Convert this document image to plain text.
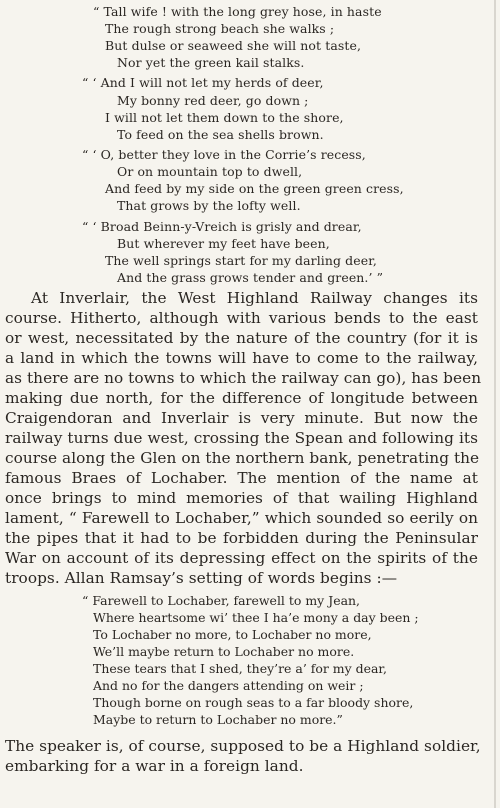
“ Tall wife ! with the long grey hose, in haste
The rough strong beach she walks ;
But dulse or seaweed she will not taste,
Nor yet the green kail stalks.
“ ‘ And I will not let my herds of deer,
My bonny red deer, go down ;
I will not let them down to the shore,
To feed on the sea shells brown.
“ ‘ O, better they love in the Corrie’s recess,
Or on mountain top to dwell,
And feed by my side on the green green cress,
That grows by the lofty well.
“ ‘ Broad Beinn-y-Vreich is grisly and drear,
But wherever my feet have been,
The well springs start for my darling deer,
And the grass grows tender and green.’ ”
At Inverlair, the West Highland Railway changes its
course. Hitherto, although with various bends to the east
or west, necessitated by the nature of the country (for it is
a land in which the towns will have to come to the railway,
as there are no towns to which the railway can go), has been
making due north, for the difference of longitude between
Craigendoran and Inverlair is very minute. But now the
railway turns due west, crossing the Spean and following its
course along the Glen on the northern bank, penetrating the
famous Braes of Lochaber. The mention of the name at
once brings to mind memories of that wailing Highland
lament, “ Farewell to Lochaber,” which sounded so eerily on
the pipes that it had to be forbidden during the Peninsular
War on account of its depressing effect on the spirits of the
troops. Allan Ramsay’s setting of words begins :—
“ Farewell to Lochaber, farewell to my Jean,
Where heartsome wi’ thee I ha’e mony a day been ;
To Lochaber no more, to Lochaber no more,
We’ll maybe return to Lochaber no more.
These tears that I shed, they’re a’ for my dear,
And no for the dangers attending on weir ;
Though borne on rough seas to a far bloody shore,
Maybe to return to Lochaber no more.”
The speaker is, of course, supposed to be a Highland soldier,
embarking for a war in a foreign land.
